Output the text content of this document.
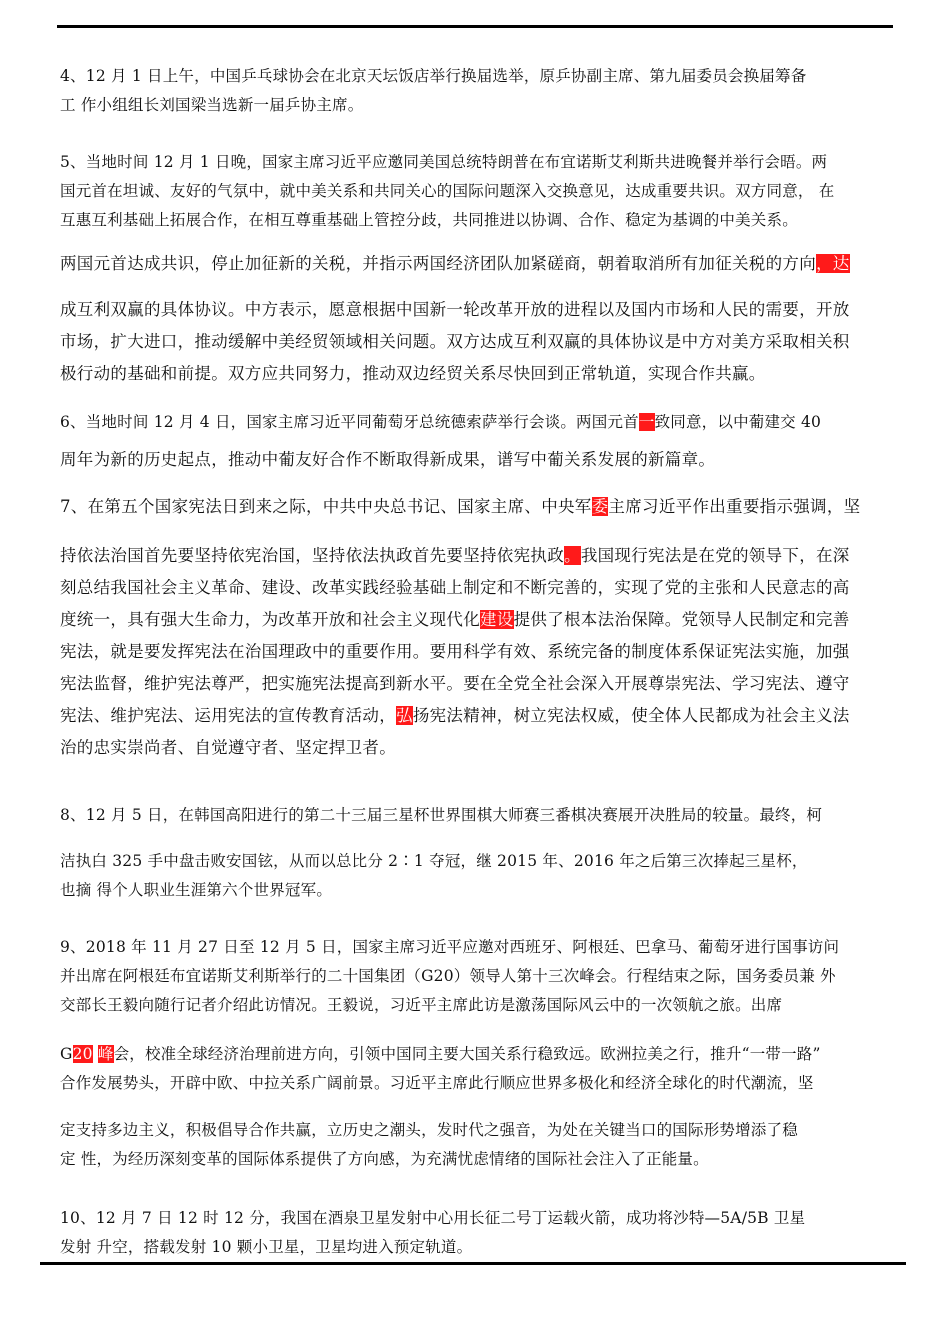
4、12 月 1 日上午，中国乒乓球协会在北京天坛饭店举行换届选举，原乒协副主席、第九届委员会换届筹备

工 作小组组长刘国梁当选新一届乒协主席。

5、当地时间 12 月 1 日晚，国家主席习近平应邀同美国总统特朗普在布宜诺斯艾利斯共进晚餐并举行会晤。两

国元首在坦诚、友好的气氛中，就中美关系和共同关心的国际问题深入交换意见，达成重要共识。双方同意， 在

互惠互利基础上拓展合作，在相互尊重基础上管控分歧，共同推进以协调、合作、稳定为基调的中美关系。

两国元首达成共识，停止加征新的关税，并指示两国经济团队加紧磋商，朝着取消所有加征关税的方向，达

成互利双赢的具体协议。中方表示，愿意根据中国新一轮改革开放的进程以及国内市场和人民的需要，开放

市场，扩大进口，推动缓解中美经贸领域相关问题。双方达成互利双赢的具体协议是中方对美方采取相关积

极行动的基础和前提。双方应共同努力，推动双边经贸关系尽快回到正常轨道，实现合作共赢。

6、当地时间 12 月 4 日，国家主席习近平同葡萄牙总统德索萨举行会谈。两国元首一致同意，以中葡建交 40

周年为新的历史起点，推动中葡友好合作不断取得新成果，谱写中葡关系发展的新篇章。

7、在第五个国家宪法日到来之际，中共中央总书记、国家主席、中央军委主席习近平作出重要指示强调，坚

持依法治国首先要坚持依宪治国，坚持依法执政首先要坚持依宪执政。我国现行宪法是在党的领导下，在深

刻总结我国社会主义革命、建设、改革实践经验基础上制定和不断完善的，实现了党的主张和人民意志的高

度统一，具有强大生命力，为改革开放和社会主义现代化建设提供了根本法治保障。党领导人民制定和完善

宪法，就是要发挥宪法在治国理政中的重要作用。要用科学有效、系统完备的制度体系保证宪法实施，加强

宪法监督，维护宪法尊严，把实施宪法提高到新水平。要在全党全社会深入开展尊崇宪法、学习宪法、遵守

宪法、维护宪法、运用宪法的宣传教育活动，弘扬宪法精神，树立宪法权威，使全体人民都成为社会主义法

治的忠实崇尚者、自觉遵守者、坚定捍卫者。

8、12 月 5 日，在韩国高阳进行的第二十三届三星杯世界围棋大师赛三番棋决赛展开决胜局的较量。最终，柯

洁执白 325 手中盘击败安国铉，从而以总比分 2∶1 夺冠，继 2015 年、2016 年之后第三次捧起三星杯，

也摘 得个人职业生涯第六个世界冠军。

9、2018 年 11 月 27 日至 12 月 5 日，国家主席习近平应邀对西班牙、阿根廷、巴拿马、葡萄牙进行国事访问

并出席在阿根廷布宜诺斯艾利斯举行的二十国集团（G20）领导人第十三次峰会。行程结束之际，国务委员兼 外

交部长王毅向随行记者介绍此访情况。王毅说，习近平主席此访是激荡国际风云中的一次领航之旅。出席

G20 峰会，校准全球经济治理前进方向，引领中国同主要大国关系行稳致远。欧洲拉美之行，推升“一带一路”

合作发展势头，开辟中欧、中拉关系广阔前景。习近平主席此行顺应世界多极化和经济全球化的时代潮流，坚

定支持多边主义，积极倡导合作共赢，立历史之潮头，发时代之强音，为处在关键当口的国际形势增添了稳

定 性，为经历深刻变革的国际体系提供了方向感，为充满忧虑情绪的国际社会注入了正能量。

10、12 月 7 日 12 时 12 分，我国在酒泉卫星发射中心用长征二号丁运载火箭，成功将沙特—5A/5B 卫星

发射 升空，搭载发射 10 颗小卫星，卫星均进入预定轨道。
